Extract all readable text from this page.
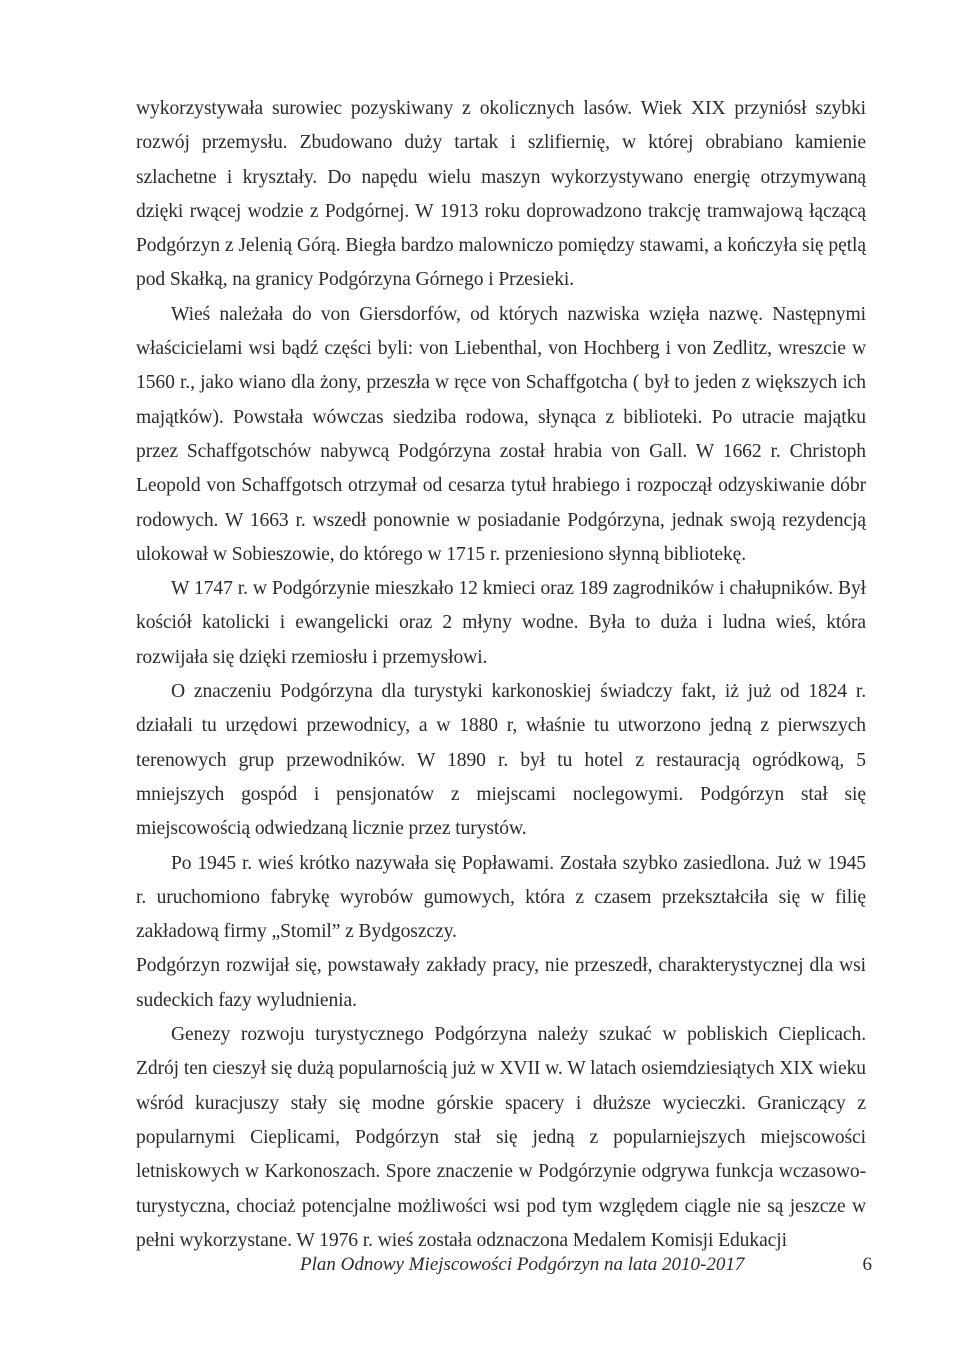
wykorzystywała surowiec pozyskiwany z okolicznych lasów. Wiek XIX przyniósł szybki rozwój przemysłu. Zbudowano duży tartak i szlifiernię, w której obrabiano kamienie szlachetne i kryształy. Do napędu wielu maszyn wykorzystywano energię otrzymywaną dzięki rwącej wodzie z Podgórnej. W 1913 roku doprowadzono trakcję tramwajową łączącą Podgórzyn z Jelenią Górą. Biegła bardzo malowniczo pomiędzy stawami, a kończyła się pętlą pod Skałką, na granicy Podgórzyna Górnego i Przesieki.

Wieś należała do von Giersdorfów, od których nazwiska wzięła nazwę. Następnymi właścicielami wsi bądź części byli: von Liebenthal, von Hochberg i von Zedlitz, wreszcie w 1560 r., jako wiano dla żony, przeszła w ręce von Schaffgotcha ( był to jeden z większych ich majątków). Powstała wówczas siedziba rodowa, słynąca z biblioteki. Po utracie majątku przez Schaffgotschów nabywcą Podgórzyna został hrabia von Gall. W 1662 r. Christoph Leopold von Schaffgotsch otrzymał od cesarza tytuł hrabiego i rozpoczął odzyskiwanie dóbr rodowych. W 1663 r. wszedł ponownie w posiadanie Podgórzyna, jednak swoją rezydencją ulokował w Sobieszowie, do którego w 1715 r. przeniesiono słynną bibliotekę.

W 1747 r. w Podgórzynie mieszkało 12 kmieci oraz 189 zagrodników i chałupników. Był kościół katolicki i ewangelicki oraz 2 młyny wodne. Była to duża i ludna wieś, która rozwijała się dzięki rzemiosłu i przemysłowi.

O znaczeniu Podgórzyna dla turystyki karkonoskiej świadczy fakt, iż już od 1824 r. działali tu urzędowi przewodnicy, a w 1880 r, właśnie tu utworzono jedną z pierwszych terenowych grup przewodników. W 1890 r. był tu hotel z restauracją ogródkową, 5 mniejszych gospód i pensjonatów z miejscami noclegowymi. Podgórzyn stał się miejscowością odwiedzaną licznie przez turystów.

Po 1945 r. wieś krótko nazywała się Popławami. Została szybko zasiedlona. Już w 1945 r. uruchomiono fabrykę wyrobów gumowych, która z czasem przekształciła się w filię zakładową firmy „Stomil” z Bydgoszczy.

Podgórzyn rozwijał się, powstawały zakłady pracy, nie przeszedł, charakterystycznej dla wsi sudeckich fazy wyludnienia.

Genezy rozwoju turystycznego Podgórzyna należy szukać w pobliskich Cieplicach. Zdrój ten cieszył się dużą popularnością już w XVII w. W latach osiemdziesiątych XIX wieku wśród kuracjuszy stały się modne górskie spacery i dłuższe wycieczki. Graniczący z popularnymi Cieplicami, Podgórzyn stał się jedną z popularniejszych miejscowości letniskowych w Karkonoszach. Spore znaczenie w Podgórzynie odgrywa funkcja wczasowo-turystyczna, chociaż potencjalne możliwości wsi pod tym względem ciągle nie są jeszcze w pełni wykorzystane. W 1976 r. wieś została odznaczona Medalem Komisji Edukacji

Plan Odnowy Miejscowości Podgórzyn na lata 2010-2017	6
